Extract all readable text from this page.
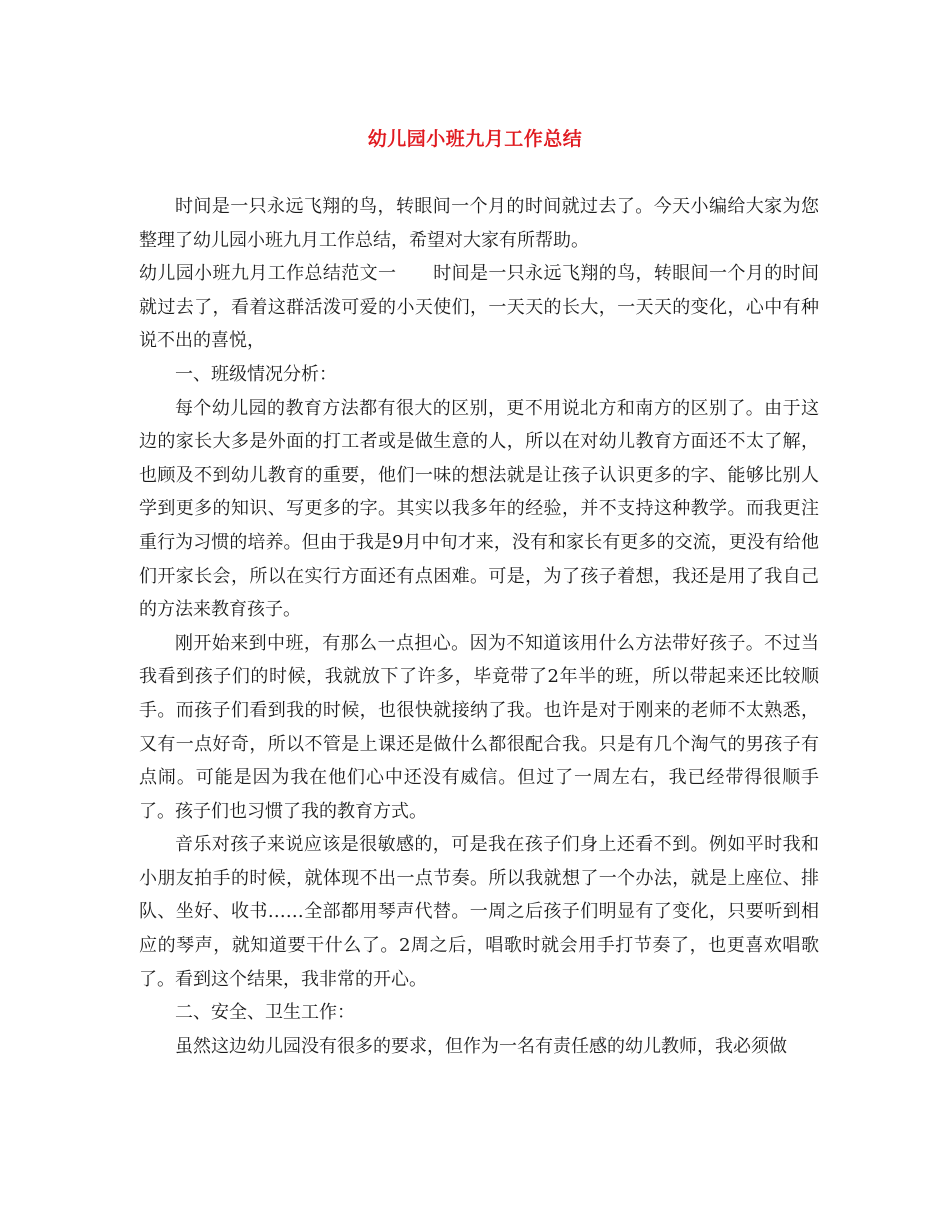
幼儿园小班九月工作总结

时间是一只永远飞翔的鸟，转眼间一个月的时间就过去了。今天小编给大家为您整理了幼儿园小班九月工作总结，希望对大家有所帮助。

幼儿园小班九月工作总结范文一　　时间是一只永远飞翔的鸟，转眼间一个月的时间就过去了，看着这群活泼可爱的小天使们，一天天的长大，一天天的变化，心中有种说不出的喜悦，

一、班级情况分析：

每个幼儿园的教育方法都有很大的区别，更不用说北方和南方的区别了。由于这边的家长大多是外面的打工者或是做生意的人，所以在对幼儿教育方面还不太了解，也顾及不到幼儿教育的重要，他们一味的想法就是让孩子认识更多的字、能够比别人学到更多的知识、写更多的字。其实以我多年的经验，并不支持这种教学。而我更注重行为习惯的培养。但由于我是9月中旬才来，没有和家长有更多的交流，更没有给他们开家长会，所以在实行方面还有点困难。可是，为了孩子着想，我还是用了我自己的方法来教育孩子。

刚开始来到中班，有那么一点担心。因为不知道该用什么方法带好孩子。不过当我看到孩子们的时候，我就放下了许多，毕竟带了2年半的班，所以带起来还比较顺手。而孩子们看到我的时候，也很快就接纳了我。也许是对于刚来的老师不太熟悉，又有一点好奇，所以不管是上课还是做什么都很配合我。只是有几个淘气的男孩子有点闹。可能是因为我在他们心中还没有威信。但过了一周左右，我已经带得很顺手了。孩子们也习惯了我的教育方式。

音乐对孩子来说应该是很敏感的，可是我在孩子们身上还看不到。例如平时我和小朋友拍手的时候，就体现不出一点节奏。所以我就想了一个办法，就是上座位、排队、坐好、收书……全部都用琴声代替。一周之后孩子们明显有了变化，只要听到相应的琴声，就知道要干什么了。2周之后，唱歌时就会用手打节奏了，也更喜欢唱歌了。看到这个结果，我非常的开心。

二、安全、卫生工作：

虽然这边幼儿园没有很多的要求，但作为一名有责任感的幼儿教师，我必须做
